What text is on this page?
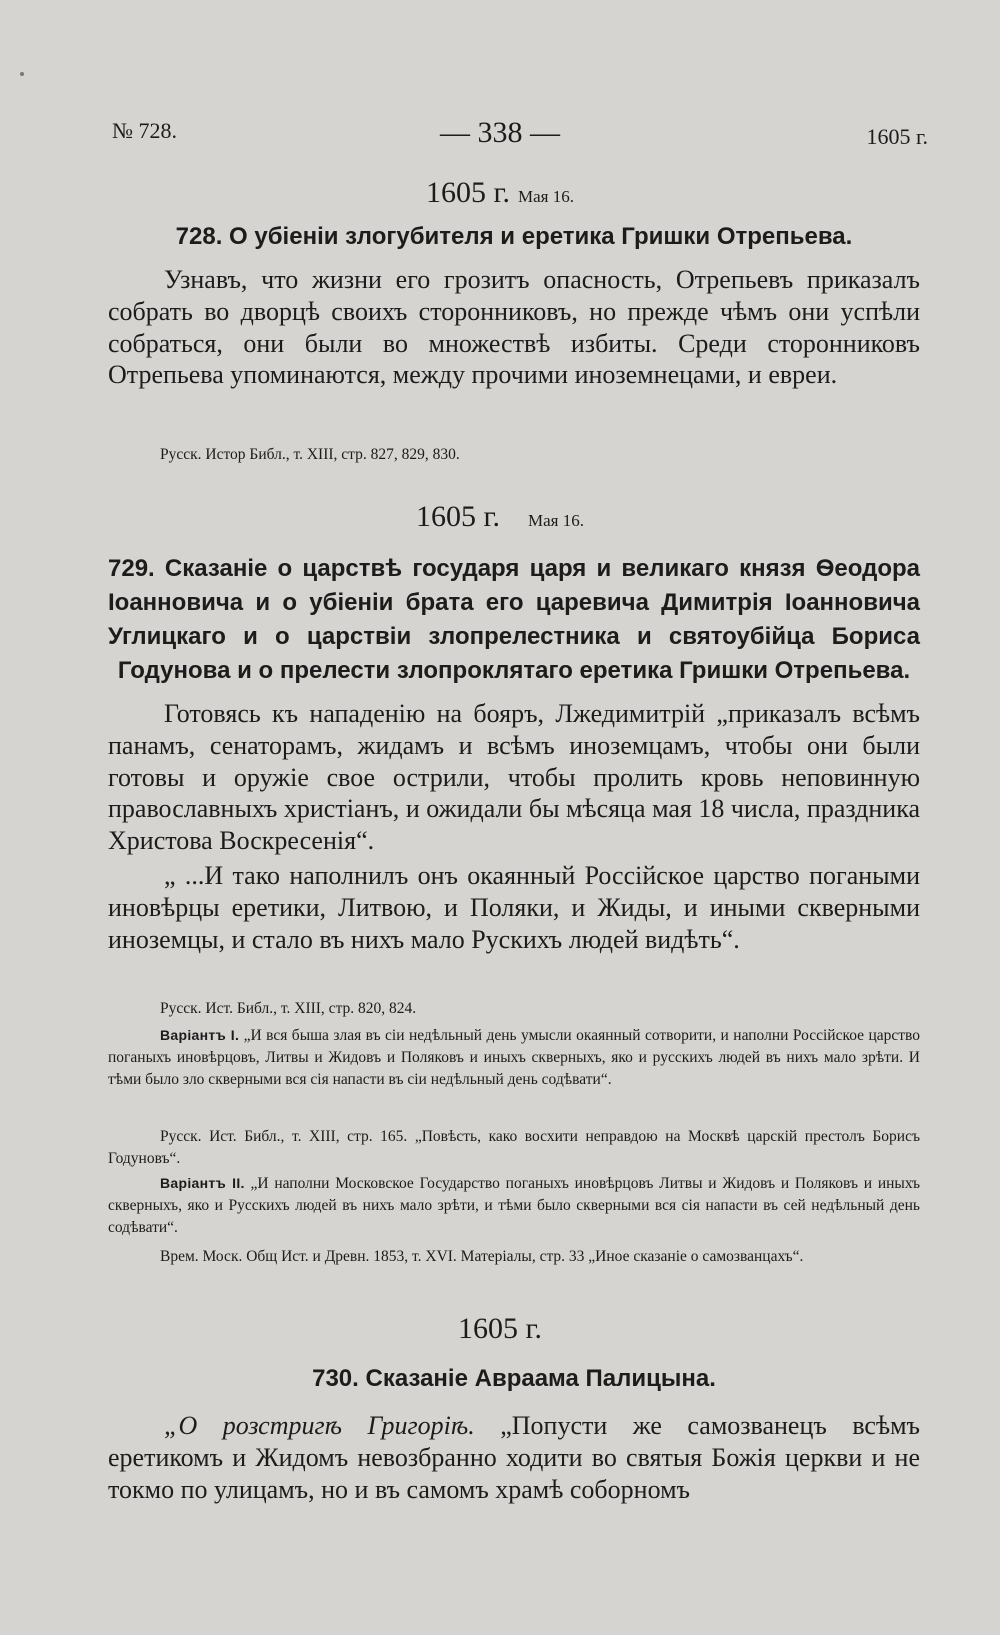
№ 728.	— 338 —	1605 г.
1605 г. Мая 16.
728. О убіеніи злогубителя и еретика Гришки Отрепьева.

Узнавъ, что жизни его грозитъ опасность, Отрепьевъ приказалъ собрать во дворцѣ своихъ сторонниковъ, но прежде чѣмъ они успѣли собраться, они были во множествѣ избиты. Среди сторонниковъ Отрепьева упоминаются, между прочими иноземнецами, и евреи.

Русск. Истор Библ., т. XIII, стр. 827, 829, 830.
1605 г. Мая 16.
729. Сказаніе о царствѣ государя царя и великаго князя Ѳеодора Іоанновича и о убіеніи брата его царевича Димитрія Іоанновича Углицкаго и о царствіи злопрелестника и святоубійца Бориса Годунова и о прелести злопроклятаго еретика Гришки Отрепьева.

Готовясь къ нападенію на бояръ, Лжедимитрій „приказалъ всѣмъ панамъ, сенаторамъ, жидамъ и всѣмъ иноземцамъ, чтобы они были готовы и оружіе свое острили, чтобы пролить кровь неповинную православныхъ христіанъ, и ожидали бы мѣсяца мая 18 числа, праздника Христова Воскресенія“.

„ ...И тако наполнилъ онъ окаянный Россійское царство погаными иновѣрцы еретики, Литвою, и Поляки, и Жиды, и иными скверными иноземцы, и стало въ нихъ мало Рускихъ людей видѣть“.

Русск. Ист. Библ., т. XIII, стр. 820, 824.

Варіантъ I. „И вся быша злая въ сіи недѣльный день умысли окаянный сотворити, и наполни Россійское царство поганыхъ иновѣрцовъ, Литвы и Жидовъ и Поляковъ и иныхъ скверныхъ, яко и русскихъ людей въ нихъ мало зрѣти. И тѣми было зло скверными вся сія напасти въ сіи недѣльный день содѣвати“.

Русск. Ист. Библ., т. XIII, стр. 165. „Повѣсть, како восхити неправдою на Москвѣ царскій престолъ Борисъ Годуновъ“.

Варіантъ II. „И наполни Московское Государство поганыхъ иновѣрцовъ Литвы и Жидовъ и Поляковъ и иныхъ скверныхъ, яко и Русскихъ людей въ нихъ мало зрѣти, и тѣми было скверными вся сія напасти въ сей недѣльный день содѣвати“.

Врем. Моск. Общ Ист. и Древн. 1853, т. XVI. Матеріалы, стр. 33 „Иное сказаніе о самозванцахъ“.

1605 г.
730. Сказаніе Авраама Палицына.

„О розстригѣ Григоріѣ. „Попусти же самозванецъ всѣмъ еретикомъ и Жидомъ невозбранно ходити во святыя Божія церкви и не токмо по улицамъ, но и въ самомъ храмѣ соборномъ
